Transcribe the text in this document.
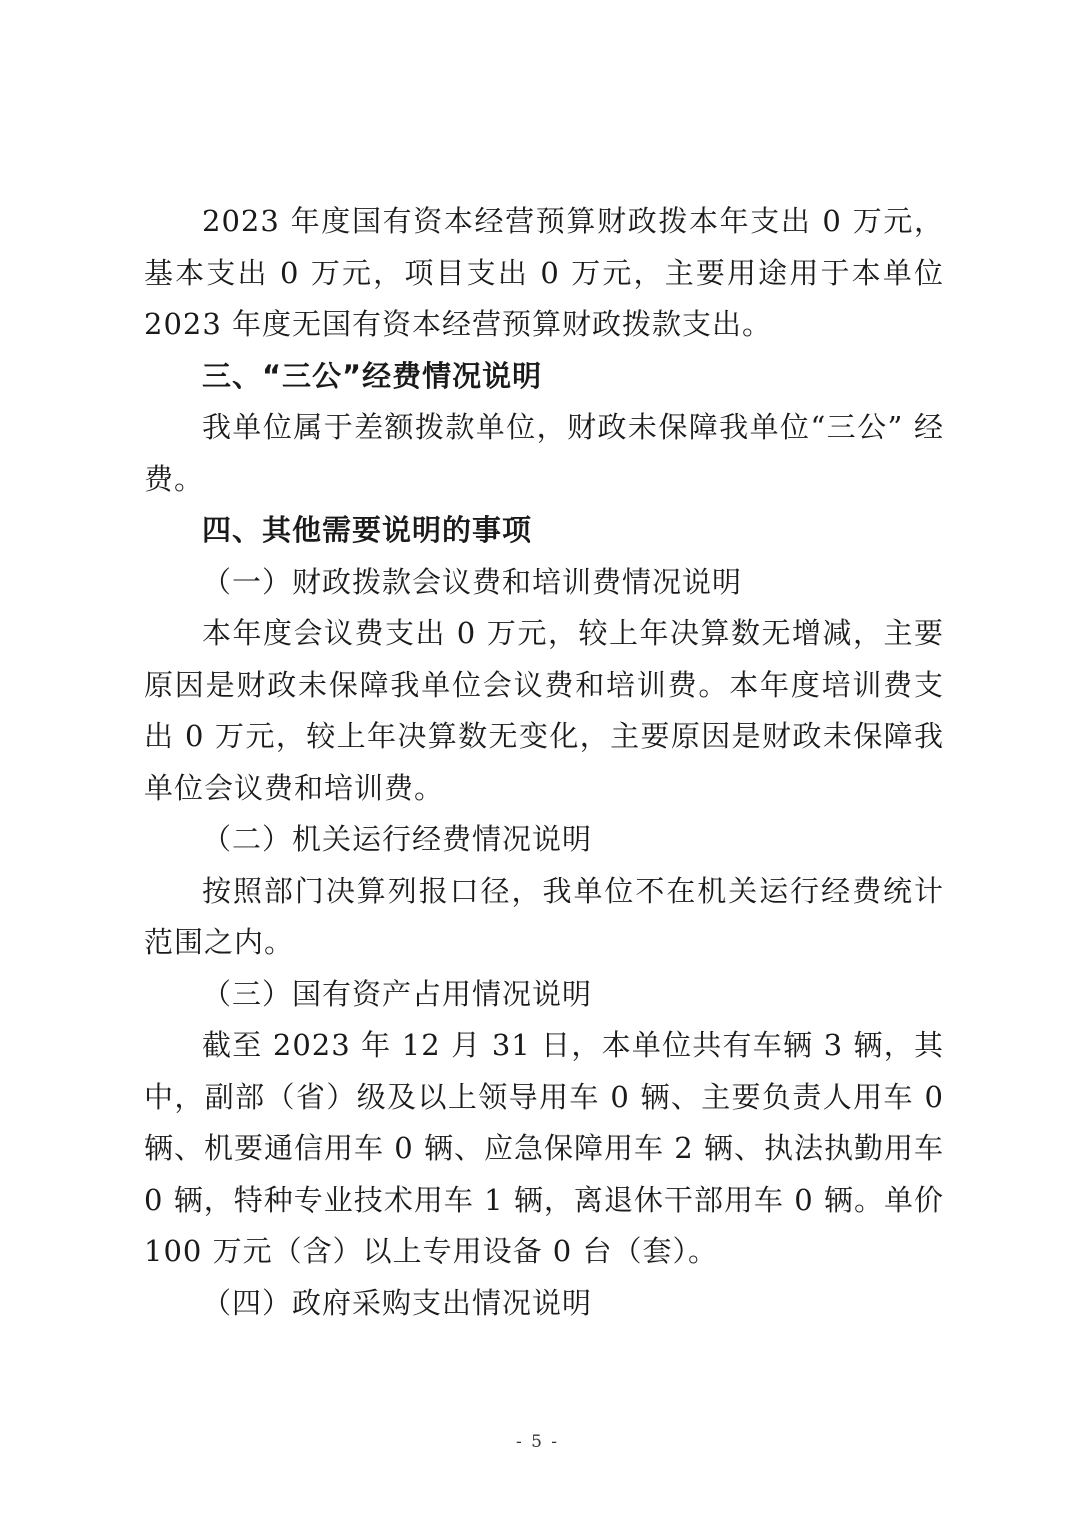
2023 年度国有资本经营预算财政拨本年支出 0 万元，基本支出 0 万元，项目支出 0 万元，主要用途用于本单位 2023 年度无国有资本经营预算财政拨款支出。

三、“三公”经费情况说明

我单位属于差额拨款单位，财政未保障我单位“三公” 经费。

四、其他需要说明的事项

（一）财政拨款会议费和培训费情况说明

本年度会议费支出 0 万元，较上年决算数无增减，主要原因是财政未保障我单位会议费和培训费。本年度培训费支出 0 万元，较上年决算数无变化，主要原因是财政未保障我单位会议费和培训费。

（二）机关运行经费情况说明

按照部门决算列报口径，我单位不在机关运行经费统计范围之内。

（三）国有资产占用情况说明

截至 2023 年 12 月 31 日，本单位共有车辆 3 辆，其中，副部（省）级及以上领导用车 0 辆、主要负责人用车 0 辆、机要通信用车 0 辆、应急保障用车 2 辆、执法执勤用车 0 辆，特种专业技术用车 1 辆，离退休干部用车 0 辆。单价 100 万元（含）以上专用设备 0 台（套）。

（四）政府采购支出情况说明

- 5 -
